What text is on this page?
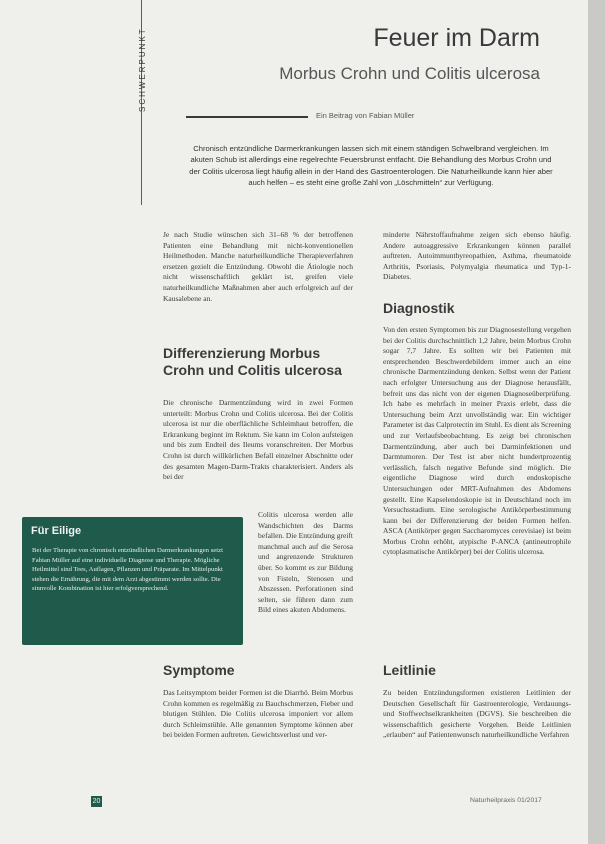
SCHWERPUNKT	Feuer im Darm
Morbus Crohn und Colitis ulcerosa
Ein Beitrag von Fabian Müller
Chronisch entzündliche Darmerkrankungen lassen sich mit einem ständigen Schwelbrand vergleichen. Im akuten Schub ist allerdings eine regelrechte Feuersbrunst entfacht. Die Behandlung des Morbus Crohn und der Colitis ulcerosa liegt häufig allein in der Hand des Gastroenterologen. Die Naturheilkunde kann hier aber auch helfen – es steht eine große Zahl von „Löschmitteln“ zur Verfügung.

Je nach Studie wünschen sich 31–68 % der betroffenen Patienten eine Behandlung mit nicht-konventionellen Heilmethoden. Manche naturheilkundliche Therapieverfahren ersetzen gezielt die Entzündung. Obwohl die Ätiologie noch nicht wissenschaftlich geklärt ist, greifen viele naturheilkundliche Maßnahmen aber auch erfolgreich auf der Kausalebene an.

Differenzierung Morbus Crohn und Colitis ulcerosa

Die chronische Darmentzündung wird in zwei Formen unterteilt: Morbus Crohn und Colitis ulcerosa. Bei der Colitis ulcerosa ist nur die oberflächliche Schleimhaut betroffen, die Erkrankung beginnt im Rektum. Sie kann im Colon aufsteigen und bis zum Endteil des Ileums voranschreiten. Der Morbus Crohn ist durch willkürlichen Befall einzelner Abschnitte oder des gesamten Magen-Darm-Trakts charakterisiert. Anders als bei der

Colitis ulcerosa werden alle Wandschichten des Darms befallen. Die Entzündung greift manchmal auch auf die Serosa und angrenzende Strukturen über. So kommt es zur Bildung von Fisteln, Stenosen und Abszessen. Perforationen sind selten, sie führen dann zum Bild eines akuten Abdomens.

Symptome

Das Leitsymptom beider Formen ist die Diarrhö. Beim Morbus Crohn kommen es regelmäßig zu Bauchschmerzen, Fieber und blutigen Stühlen. Die Colitis ulcerosa imponiert vor allem durch Schleimstühle. Alle genannten Symptome können aber bei beiden Formen auftreten. Gewichtsverlust und ver-

minderte Nährstoffaufnahme zeigen sich ebenso häufig. Andere autoaggressive Erkrankungen können parallel auftreten. Autoimmunthyreopathien, Asthma, rheumatoide Arthritis, Psoriasis, Polymyalgia rheumatica und Typ-1-Diabetes.

Diagnostik

Von den ersten Symptomen bis zur Diagnosestellung vergehen bei der Colitis durchschnittlich 1,2 Jahre, beim Morbus Crohn sogar 7,7 Jahre. Es sollten wir bei Patienten mit entsprechenden Beschwerdebildern immer auch an eine chronische Darmentzündung denken. Selbst wenn der Patient nach erfolgter Untersuchung aus der Diagnose herausfällt, befreit uns das nicht von der eigenen Diagnoseüberprüfung. Ich habe es mehrfach in meiner Praxis erlebt, dass die Untersuchung beim Arzt unvollständig war. Ein wichtiger Parameter ist das Calprotectin im Stuhl. Es dient als Screening und zur Verlaufsbeobachtung. Es zeigt bei chronischen Darmentzündung, aber auch bei Darminfektionen und Darmtumoren. Der Test ist aber nicht hundertprozentig verlässlich, falsch negative Befunde sind möglich. Die eigentliche Diagnose wird durch endoskopische Untersuchungen oder MRT-Aufnahmen des Abdomens gestellt. Eine Kapselendoskopie ist in Deutschland noch im Versuchsstadium. Eine serologische Antikörperbestimmung kann bei der Differenzierung der beiden Formen helfen. ASCA (Antikörper gegen Saccharomyces cerevisiae) ist beim Morbus Crohn erhöht, atypische P-ANCA (antineutrophile cytoplasmatische Antikörper) bei der Colitis ulcerosa.

Leitlinie

Zu beiden Entzündungsformen existieren Leitlinien der Deutschen Gesellschaft für Gastroenterologie, Verdauungs- und Stoffwechselkrankheiten (DGVS). Sie beschreiben die wissenschaftlich gesicherte Vorgehen. Beide Leitlinien „erlauben“ auf Patientenwunsch naturheilkundliche Verfahren

Für Eilige
Bei der Therapie von chronisch entzündlichen Darmerkrankungen setzt Fabian Müller auf eine individuelle Diagnose und Therapie. Mögliche Heilmittel sind Tees, Auflagen, Pflanzen und Präparate. Im Mittelpunkt stehen die Ernährung, die mit dem Arzt abgestimmt werden sollte. Die sinnvolle Kombination ist hier erfolgversprechend.
20	Naturheilpraxis 01/2017
